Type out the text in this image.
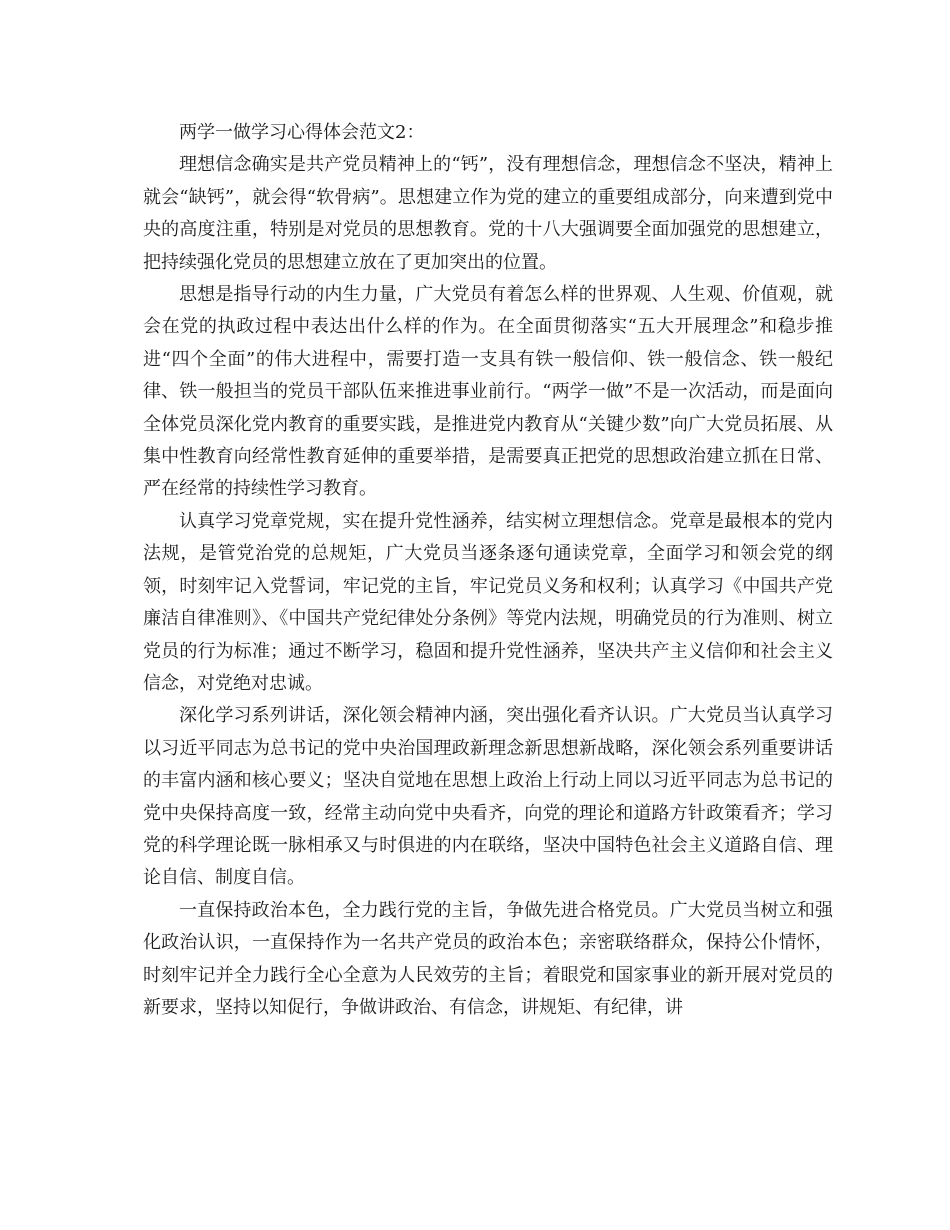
两学一做学习心得体会范文2：

理想信念确实是共产党员精神上的“钙”，没有理想信念，理想信念不坚决，精神上就会“缺钙”，就会得“软骨病”。思想建立作为党的建立的重要组成部分，向来遭到党中央的高度注重，特别是对党员的思想教育。党的十八大强调要全面加强党的思想建立，把持续强化党员的思想建立放在了更加突出的位置。

思想是指导行动的内生力量，广大党员有着怎么样的世界观、人生观、价值观，就会在党的执政过程中表达出什么样的作为。在全面贯彻落实“五大开展理念”和稳步推进“四个全面”的伟大进程中，需要打造一支具有铁一般信仰、铁一般信念、铁一般纪律、铁一般担当的党员干部队伍来推进事业前行。“两学一做”不是一次活动，而是面向全体党员深化党内教育的重要实践，是推进党内教育从“关键少数”向广大党员拓展、从集中性教育向经常性教育延伸的重要举措，是需要真正把党的思想政治建立抓在日常、严在经常的持续性学习教育。

认真学习党章党规，实在提升党性涵养，结实树立理想信念。党章是最根本的党内法规，是管党治党的总规矩，广大党员当逐条逐句通读党章，全面学习和领会党的纲领，时刻牢记入党誓词，牢记党的主旨，牢记党员义务和权利；认真学习《中国共产党廉洁自律准则》、《中国共产党纪律处分条例》等党内法规，明确党员的行为准则、树立党员的行为标准；通过不断学习，稳固和提升党性涵养，坚决共产主义信仰和社会主义信念，对党绝对忠诚。

深化学习系列讲话，深化领会精神内涵，突出强化看齐认识。广大党员当认真学习以习近平同志为总书记的党中央治国理政新理念新思想新战略，深化领会系列重要讲话的丰富内涵和核心要义；坚决自觉地在思想上政治上行动上同以习近平同志为总书记的党中央保持高度一致，经常主动向党中央看齐，向党的理论和道路方针政策看齐；学习党的科学理论既一脉相承又与时俱进的内在联络，坚决中国特色社会主义道路自信、理论自信、制度自信。

一直保持政治本色，全力践行党的主旨，争做先进合格党员。广大党员当树立和强化政治认识，一直保持作为一名共产党员的政治本色；亲密联络群众，保持公仆情怀，时刻牢记并全力践行全心全意为人民效劳的主旨；着眼党和国家事业的新开展对党员的新要求，坚持以知促行，争做讲政治、有信念，讲规矩、有纪律，讲
